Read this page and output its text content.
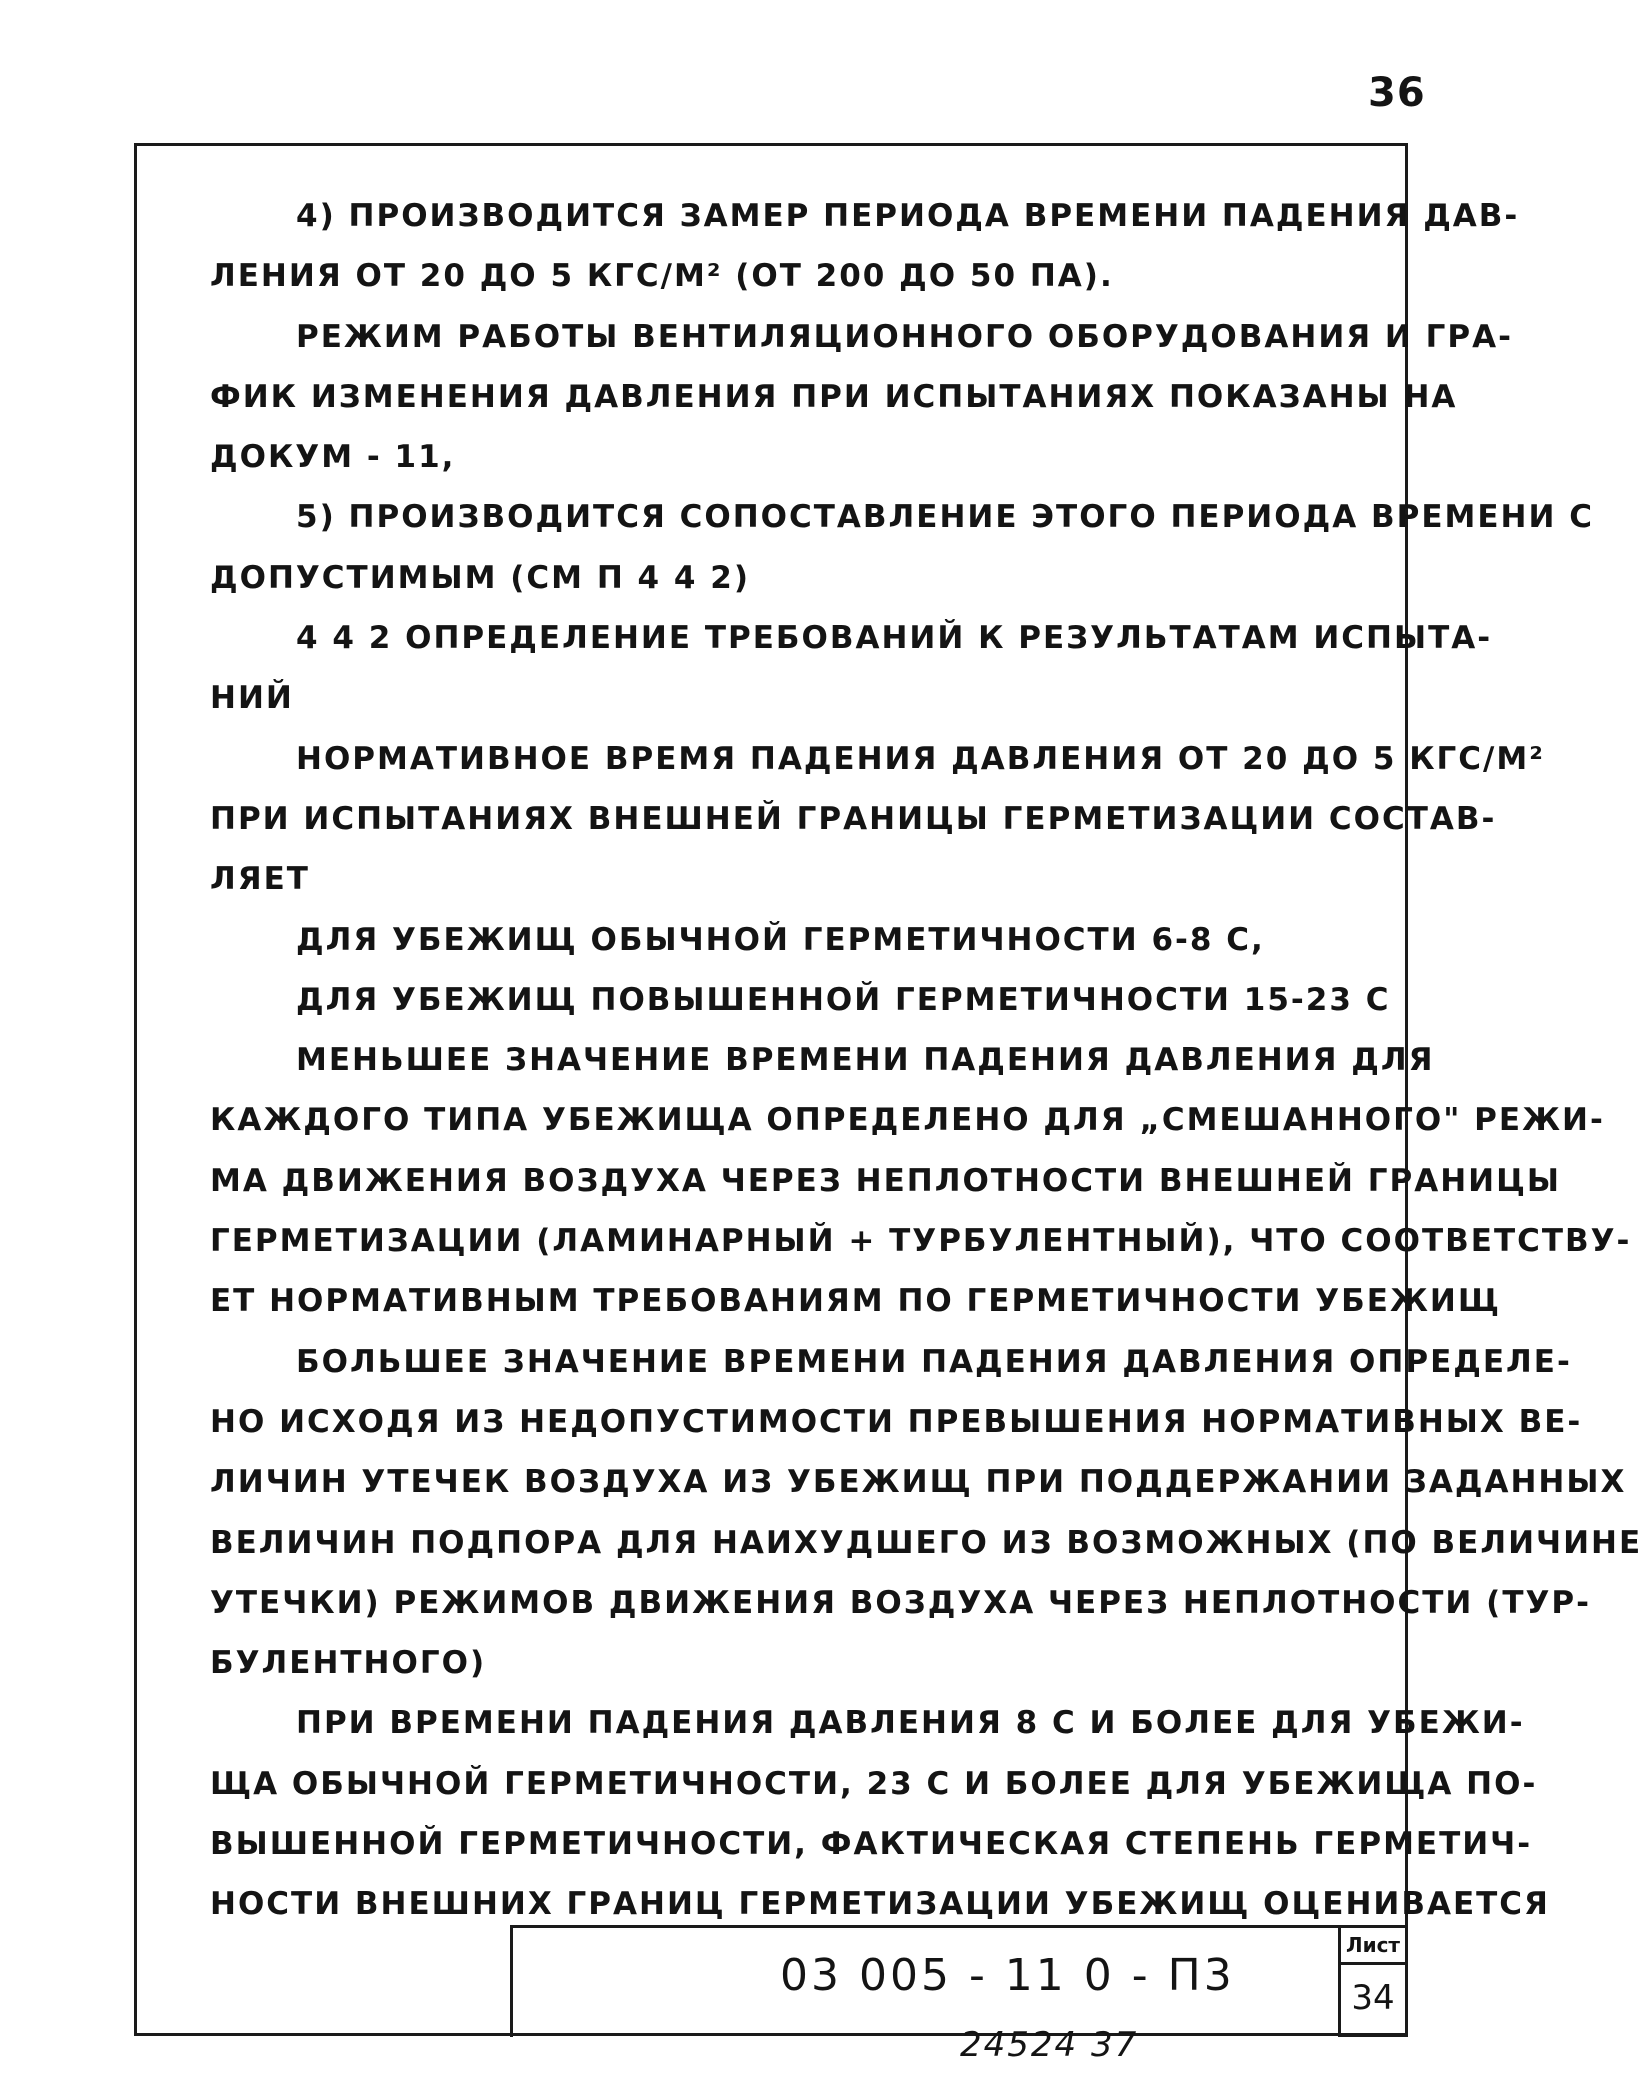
36
4) ПРОИЗВОДИТСЯ ЗАМЕР ПЕРИОДА ВРЕМЕНИ ПАДЕНИЯ ДАВ-
ЛЕНИЯ ОТ 20 ДО 5 КГС/М² (ОТ 200 ДО 50 ПА).
РЕЖИМ РАБОТЫ ВЕНТИЛЯЦИОННОГО ОБОРУДОВАНИЯ И ГРА-
ФИК ИЗМЕНЕНИЯ ДАВЛЕНИЯ ПРИ ИСПЫТАНИЯХ ПОКАЗАНЫ НА
ДОКУМ - 11,
5) ПРОИЗВОДИТСЯ СОПОСТАВЛЕНИЕ ЭТОГО ПЕРИОДА ВРЕМЕНИ С
ДОПУСТИМЫМ (СМ П 4 4 2)
4 4 2 ОПРЕДЕЛЕНИЕ ТРЕБОВАНИЙ К РЕЗУЛЬТАТАМ ИСПЫТА-
НИЙ
НОРМАТИВНОЕ ВРЕМЯ ПАДЕНИЯ ДАВЛЕНИЯ ОТ 20 ДО 5 КГС/М²
ПРИ ИСПЫТАНИЯХ ВНЕШНЕЙ ГРАНИЦЫ ГЕРМЕТИЗАЦИИ СОСТАВ-
ЛЯЕТ
ДЛЯ УБЕЖИЩ ОБЫЧНОЙ ГЕРМЕТИЧНОСТИ 6-8 С,
ДЛЯ УБЕЖИЩ ПОВЫШЕННОЙ ГЕРМЕТИЧНОСТИ 15-23 С
МЕНЬШЕЕ ЗНАЧЕНИЕ ВРЕМЕНИ ПАДЕНИЯ ДАВЛЕНИЯ ДЛЯ
КАЖДОГО ТИПА УБЕЖИЩА ОПРЕДЕЛЕНО ДЛЯ „СМЕШАННОГО" РЕЖИ-
МА ДВИЖЕНИЯ ВОЗДУХА ЧЕРЕЗ НЕПЛОТНОСТИ ВНЕШНЕЙ ГРАНИЦЫ
ГЕРМЕТИЗАЦИИ (ЛАМИНАРНЫЙ + ТУРБУЛЕНТНЫЙ), ЧТО СООТВЕТСТВУ-
ЕТ НОРМАТИВНЫМ ТРЕБОВАНИЯМ ПО ГЕРМЕТИЧНОСТИ УБЕЖИЩ
БОЛЬШЕЕ ЗНАЧЕНИЕ ВРЕМЕНИ ПАДЕНИЯ ДАВЛЕНИЯ ОПРЕДЕЛЕ-
НО ИСХОДЯ ИЗ НЕДОПУСТИМОСТИ ПРЕВЫШЕНИЯ НОРМАТИВНЫХ ВЕ-
ЛИЧИН УТЕЧЕК ВОЗДУХА ИЗ УБЕЖИЩ ПРИ ПОДДЕРЖАНИИ ЗАДАННЫХ
ВЕЛИЧИН ПОДПОРА ДЛЯ НАИХУДШЕГО ИЗ ВОЗМОЖНЫХ (ПО ВЕЛИЧИНЕ
УТЕЧКИ) РЕЖИМОВ ДВИЖЕНИЯ ВОЗДУХА ЧЕРЕЗ НЕПЛОТНОСТИ (ТУР-
БУЛЕНТНОГО)
ПРИ ВРЕМЕНИ ПАДЕНИЯ ДАВЛЕНИЯ 8 С И БОЛЕЕ ДЛЯ УБЕЖИ-
ЩА ОБЫЧНОЙ ГЕРМЕТИЧНОСТИ, 23 С И БОЛЕЕ ДЛЯ УБЕЖИЩА ПО-
ВЫШЕННОЙ ГЕРМЕТИЧНОСТИ, ФАКТИЧЕСКАЯ СТЕПЕНЬ ГЕРМЕТИЧ-
НОСТИ ВНЕШНИХ ГРАНИЦ ГЕРМЕТИЗАЦИИ УБЕЖИЩ ОЦЕНИВАЕТСЯ
03 005 - 11 0 - П3
Лист
34
24524 37
